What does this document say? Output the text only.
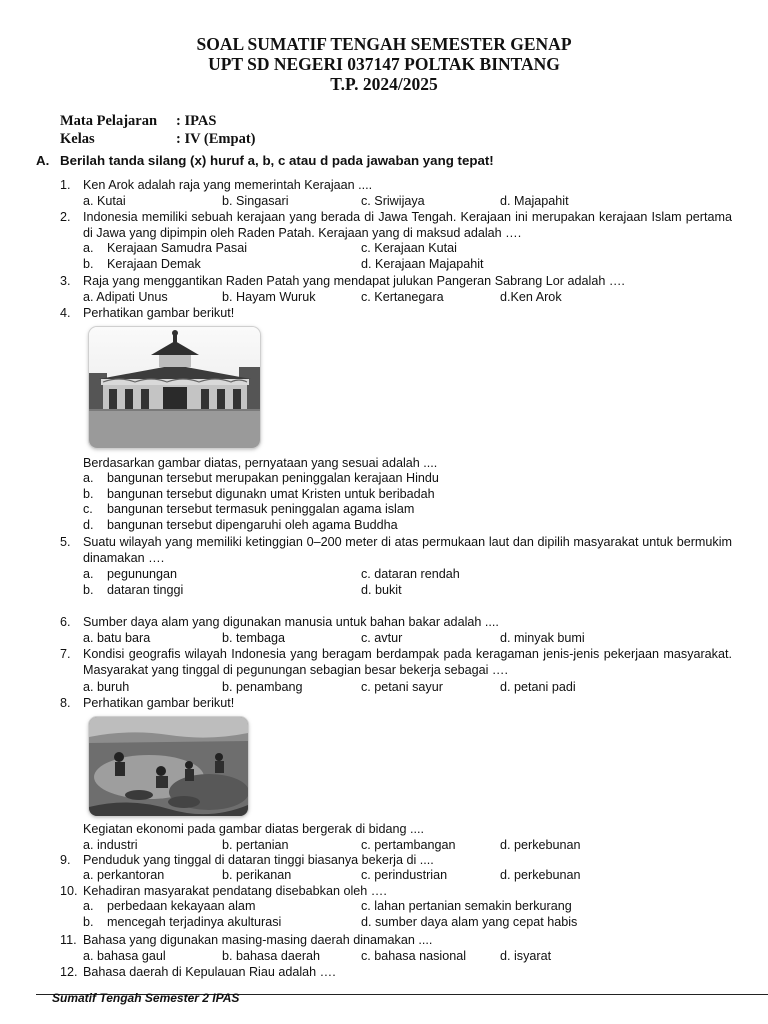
SOAL SUMATIF TENGAH SEMESTER GENAP
UPT SD NEGERI 037147 POLTAK BINTANG
T.P. 2024/2025
Mata Pelajaran : IPAS
Kelas	: IV (Empat)
A. Berilah tanda silang (x) huruf a, b, c atau d pada jawaban yang tepat!
1. Ken Arok adalah raja yang memerintah Kerajaan ....
a. Kutai	b. Singasari	c. Sriwijaya	d. Majapahit
2. Indonesia memiliki sebuah kerajaan yang berada di Jawa Tengah. Kerajaan ini merupakan kerajaan Islam pertama di Jawa yang dipimpin oleh Raden Patah. Kerajaan yang di maksud adalah ….
a. Kerajaan Samudra Pasai	c. Kerajaan Kutai
b. Kerajaan Demak	d. Kerajaan Majapahit
3. Raja yang menggantikan Raden Patah yang mendapat julukan Pangeran Sabrang Lor adalah ….
a. Adipati Unus	b. Hayam Wuruk	c. Kertanegara	d.Ken Arok
4. Perhatikan gambar berikut!
Berdasarkan gambar diatas, pernyataan yang sesuai adalah ....
a. bangunan tersebut merupakan peninggalan kerajaan Hindu
b. bangunan tersebut digunakn umat Kristen untuk beribadah
c. bangunan tersebut termasuk peninggalan agama islam
d. bangunan tersebut dipengaruhi oleh agama Buddha
5. Suatu wilayah yang memiliki ketinggian 0–200 meter di atas permukaan laut dan dipilih masyarakat untuk bermukim dinamakan ….
a. pegunungan	c. dataran rendah
b. dataran tinggi	d. bukit
6. Sumber daya alam yang digunakan manusia untuk bahan bakar adalah ....
a. batu bara	b. tembaga	c. avtur	d. minyak bumi
7. Kondisi geografis wilayah Indonesia yang beragam berdampak pada keragaman jenis-jenis pekerjaan masyarakat. Masyarakat yang tinggal di pegunungan sebagian besar bekerja sebagai ….
a. buruh	b. penambang	c. petani sayur	d. petani padi
8. Perhatikan gambar berikut!
Kegiatan ekonomi pada gambar diatas bergerak di bidang ....
a. industri	b. pertanian	c. pertambangan	d. perkebunan
9. Penduduk yang tinggal di dataran tinggi biasanya bekerja di ....
a. perkantoran	b. perikanan	c. perindustrian	d. perkebunan
10. Kehadiran masyarakat pendatang disebabkan oleh ….
a. perbedaan kekayaan alam	c. lahan pertanian semakin berkurang
b. mencegah terjadinya akulturasi	d. sumber daya alam yang cepat habis
11. Bahasa yang digunakan masing-masing daerah dinamakan ....
a. bahasa gaul	b. bahasa daerah	c. bahasa nasional	d. isyarat
12. Bahasa daerah di Kepulauan Riau adalah ….
Sumatif Tengah Semester 2 IPAS
